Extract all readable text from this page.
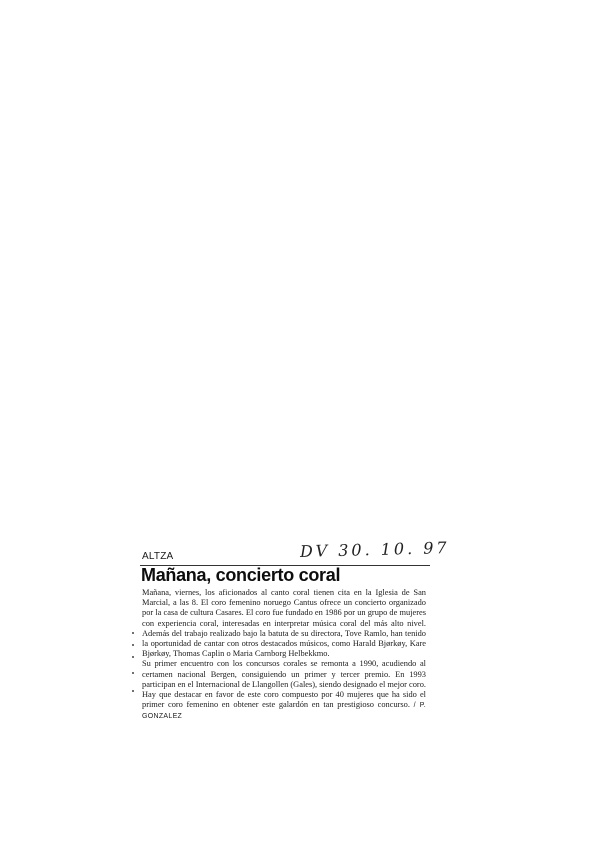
DV 30. 10. 97
ALTZA
Mañana, concierto coral

Mañana, viernes, los aficionados al canto coral tienen cita en la Iglesia de San Marcial, a las 8. El coro femenino noruego Cantus ofrece un concierto organizado por la casa de cultura Casares. El coro fue fundado en 1986 por un grupo de mujeres con experiencia coral, interesadas en interpretar música coral del más alto nivel. Además del trabajo realizado bajo la batuta de su directora, Tove Ramlo, han tenido la oportunidad de cantar con otros destacados músicos, como Harald Bjørkøy, Kare Bjørkøy, Thomas Caplin o Maria Carnborg Helbekkmo.

Su primer encuentro con los concursos corales se remonta a 1990, acudiendo al certamen nacional Bergen, consiguiendo un primer y tercer premio. En 1993 participan en el Internacional de Llangollen (Gales), siendo designado el mejor coro. Hay que destacar en favor de este coro compuesto por 40 mujeres que ha sido el primer coro femenino en obtener este galardón en tan prestigioso concurso. / P. GONZALEZ
